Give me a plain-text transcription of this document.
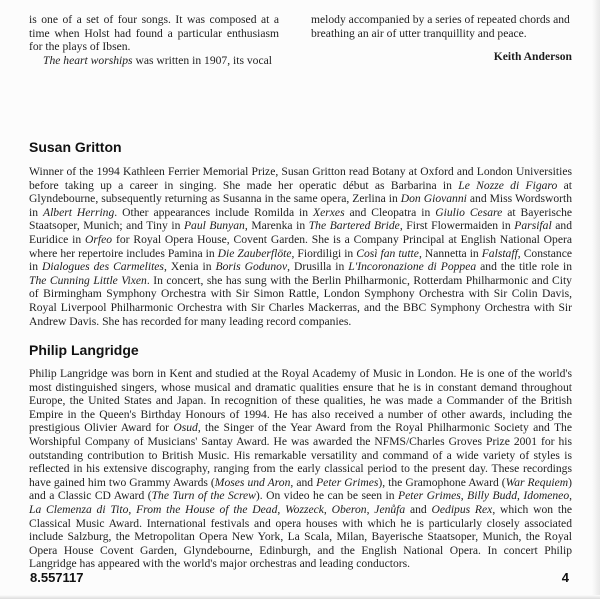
is one of a set of four songs. It was composed at a time when Holst had found a particular enthusiasm for the plays of Ibsen.

The heart worships was written in 1907, its vocal

melody accompanied by a series of repeated chords and breathing an air of utter tranquillity and peace.

Keith Anderson

Susan Gritton

Winner of the 1994 Kathleen Ferrier Memorial Prize, Susan Gritton read Botany at Oxford and London Universities before taking up a career in singing. She made her operatic début as Barbarina in Le Nozze di Figaro at Glyndebourne, subsequently returning as Susanna in the same opera, Zerlina in Don Giovanni and Miss Wordsworth in Albert Herring. Other appearances include Romilda in Xerxes and Cleopatra in Giulio Cesare at Bayerische Staatsoper, Munich; and Tiny in Paul Bunyan, Marenka in The Bartered Bride, First Flowermaiden in Parsifal and Euridice in Orfeo for Royal Opera House, Covent Garden. She is a Company Principal at English National Opera where her repertoire includes Pamina in Die Zauberflöte, Fiordiligi in Così fan tutte, Nannetta in Falstaff, Constance in Dialogues des Carmelites, Xenia in Boris Godunov, Drusilla in L'Incoronazione di Poppea and the title role in The Cunning Little Vixen. In concert, she has sung with the Berlin Philharmonic, Rotterdam Philharmonic and City of Birmingham Symphony Orchestra with Sir Simon Rattle, London Symphony Orchestra with Sir Colin Davis, Royal Liverpool Philharmonic Orchestra with Sir Charles Mackerras, and the BBC Symphony Orchestra with Sir Andrew Davis. She has recorded for many leading record companies.

Philip Langridge

Philip Langridge was born in Kent and studied at the Royal Academy of Music in London. He is one of the world's most distinguished singers, whose musical and dramatic qualities ensure that he is in constant demand throughout Europe, the United States and Japan. In recognition of these qualities, he was made a Commander of the British Empire in the Queen's Birthday Honours of 1994. He has also received a number of other awards, including the prestigious Olivier Award for Osud, the Singer of the Year Award from the Royal Philharmonic Society and The Worshipful Company of Musicians' Santay Award. He was awarded the NFMS/Charles Groves Prize 2001 for his outstanding contribution to British Music. His remarkable versatility and command of a wide variety of styles is reflected in his extensive discography, ranging from the early classical period to the present day. These recordings have gained him two Grammy Awards (Moses und Aron, and Peter Grimes), the Gramophone Award (War Requiem) and a Classic CD Award (The Turn of the Screw). On video he can be seen in Peter Grimes, Billy Budd, Idomeneo, La Clemenza di Tito, From the House of the Dead, Wozzeck, Oberon, Jenůfa and Oedipus Rex, which won the Classical Music Award. International festivals and opera houses with which he is particularly closely associated include Salzburg, the Metropolitan Opera New York, La Scala, Milan, Bayerische Staatsoper, Munich, the Royal Opera House Covent Garden, Glyndebourne, Edinburgh, and the English National Opera. In concert Philip Langridge has appeared with the world's major orchestras and leading conductors.

8.557117	4
